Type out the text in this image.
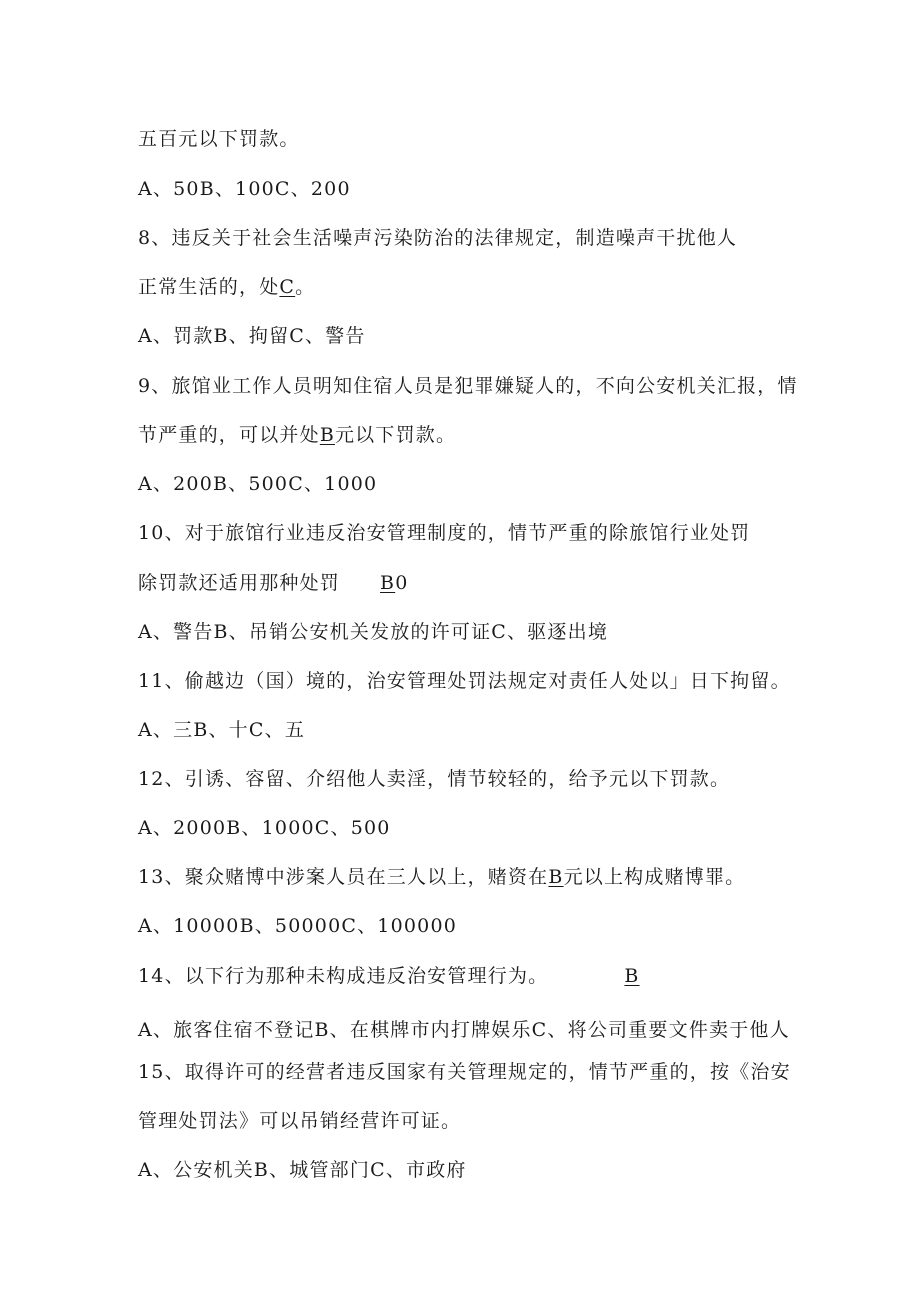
五百元以下罚款。
A、50B、100C、200
8、违反关于社会生活噪声污染防治的法律规定，制造噪声干扰他人
正常生活的，处C。
A、罚款B、拘留C、警告
9、旅馆业工作人员明知住宿人员是犯罪嫌疑人的，不向公安机关汇报，情
节严重的，可以并处B元以下罚款。
A、200B、500C、1000
10、对于旅馆行业违反治安管理制度的，情节严重的除旅馆行业处罚
除罚款还适用那种处罚 B0
A、警告B、吊销公安机关发放的许可证C、驱逐出境
11、偷越边（国）境的，治安管理处罚法规定对责任人处以」日下拘留。
A、三B、十C、五
12、引诱、容留、介绍他人卖淫，情节较轻的，给予元以下罚款。
A、2000B、1000C、500
13、聚众赌博中涉案人员在三人以上，赌资在B元以上构成赌博罪。
A、10000B、50000C、100000
14、以下行为那种未构成违反治安管理行为。	B
A、旅客住宿不登记B、在棋牌市内打牌娱乐C、将公司重要文件卖于他人
15、取得许可的经营者违反国家有关管理规定的，情节严重的，按《治安
管理处罚法》可以吊销经营许可证。
A、公安机关B、城管部门C、市政府
